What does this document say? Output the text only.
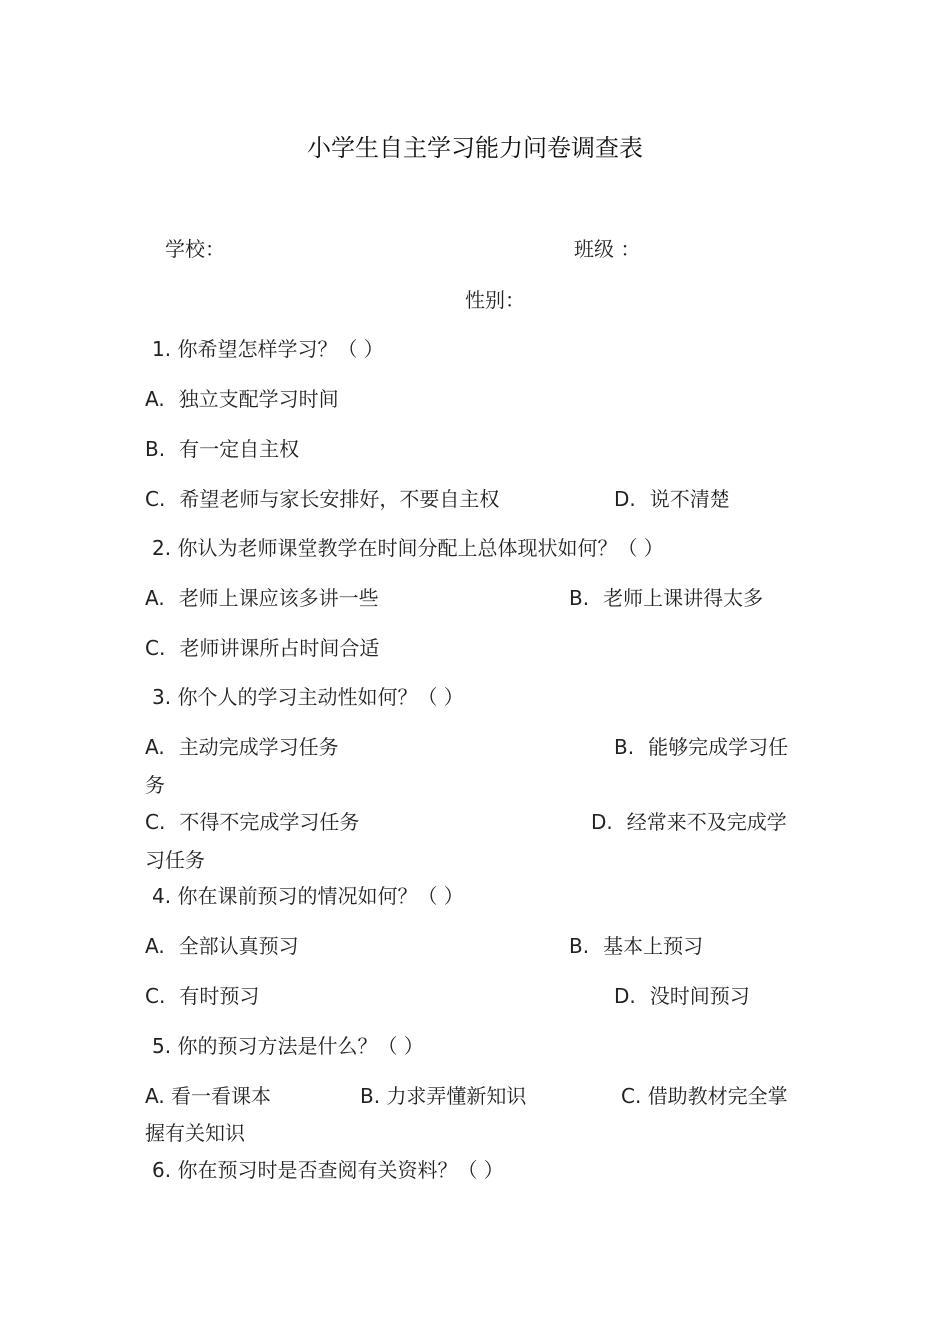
小学生自主学习能力问卷调查表
学校：	班级 ：
性别：
1. 你希望怎样学习？（ ）
A. 独立支配学习时间
B. 有一定自主权
C. 希望老师与家长安排好，不要自主权	D. 说不清楚
2. 你认为老师课堂教学在时间分配上总体现状如何？（ ）
A. 老师上课应该多讲一些	B. 老师上课讲得太多
C. 老师讲课所占时间合适
3. 你个人的学习主动性如何？（ ）
A. 主动完成学习任务	B. 能够完成学习任
务
C. 不得不完成学习任务	D. 经常来不及完成学
习任务
4. 你在课前预习的情况如何？（ ）
A. 全部认真预习	B. 基本上预习
C. 有时预习	D. 没时间预习
5. 你的预习方法是什么？（ ）
A. 看一看课本	B. 力求弄懂新知识	C. 借助教材完全掌
握有关知识
6. 你在预习时是否查阅有关资料？（ ）
